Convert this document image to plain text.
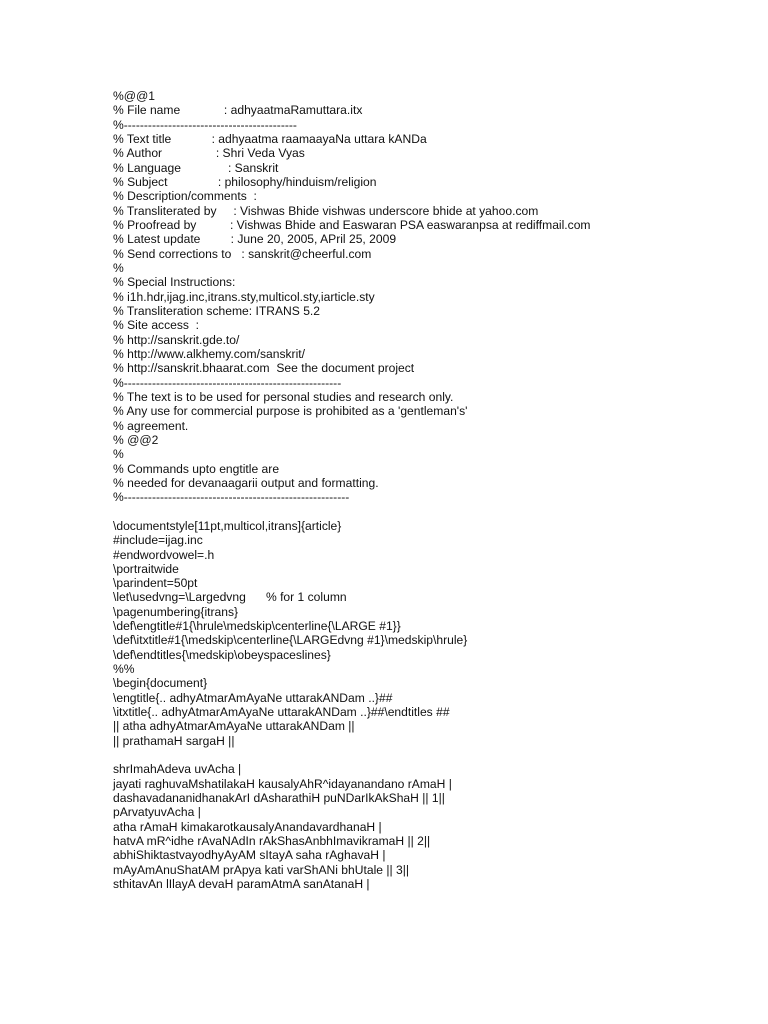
%@@1
% File name             : adhyaatmaRamuttara.itx
%-------------------------------------------
% Text title            : adhyaatma raamaayaNa uttara kANDa
% Author                : Shri Veda Vyas
% Language              : Sanskrit
% Subject               : philosophy/hinduism/religion
% Description/comments  :
% Transliterated by     : Vishwas Bhide vishwas underscore bhide at yahoo.com
% Proofread by          : Vishwas Bhide and Easwaran PSA easwaranpsa at rediffmail.com
% Latest update         : June 20, 2005, APril 25, 2009
% Send corrections to   : sanskrit@cheerful.com
%
% Special Instructions:
% i1h.hdr,ijag.inc,itrans.sty,multicol.sty,iarticle.sty
% Transliteration scheme: ITRANS 5.2
% Site access  :
% http://sanskrit.gde.to/
% http://www.alkhemy.com/sanskrit/
% http://sanskrit.bhaarat.com  See the document project
%------------------------------------------------------
% The text is to be used for personal studies and research only.
% Any use for commercial purpose is prohibited as a 'gentleman's'
% agreement.
% @@2
%
% Commands upto engtitle are
% needed for devanaagarii output and formatting.
%--------------------------------------------------------
\documentstyle[11pt,multicol,itrans]{article}
#include=ijag.inc
#endwordvowel=.h
\portraitwide
\parindent=50pt
\let\usedvng=\Largedvng      % for 1 column
\pagenumbering{itrans}
\def\engtitle#1{\hrule\medskip\centerline{\LARGE #1}}
\def\itxtitle#1{\medskip\centerline{\LARGEdvng #1}\medskip\hrule}
\def\endtitles{\medskip\obeyspaceslines}
%%
\begin{document}
\engtitle{.. adhyAtmarAmAyaNe uttarakANDam ..}##
\itxtitle{.. adhyAtmarAmAyaNe uttarakANDam ..}##\endtitles ##
|| atha adhyAtmarAmAyaNe uttarakANDam ||
|| prathamaH sargaH ||
shrImahAdeva uvAcha |
jayati raghuvaMshatilakaH kausalyAhR^idayanandano rAmaH |
dashavadananidhanakArI dAsharathiH puNDarIkAkShaH || 1||
pArvatyuvAcha |
atha rAmaH kimakarotkausalyAnandavardhanaH |
hatvA mR^idhe rAvaNAdIn rAkShasAnbhImavikramaH || 2||
abhiShiktastvayodhyAyAM sItayA saha rAghavaH |
mAyAmAnuShatAM prApya kati varShANi bhUtale || 3||
sthitavAn lIlayA devaH paramAtmA sanAtanaH |
